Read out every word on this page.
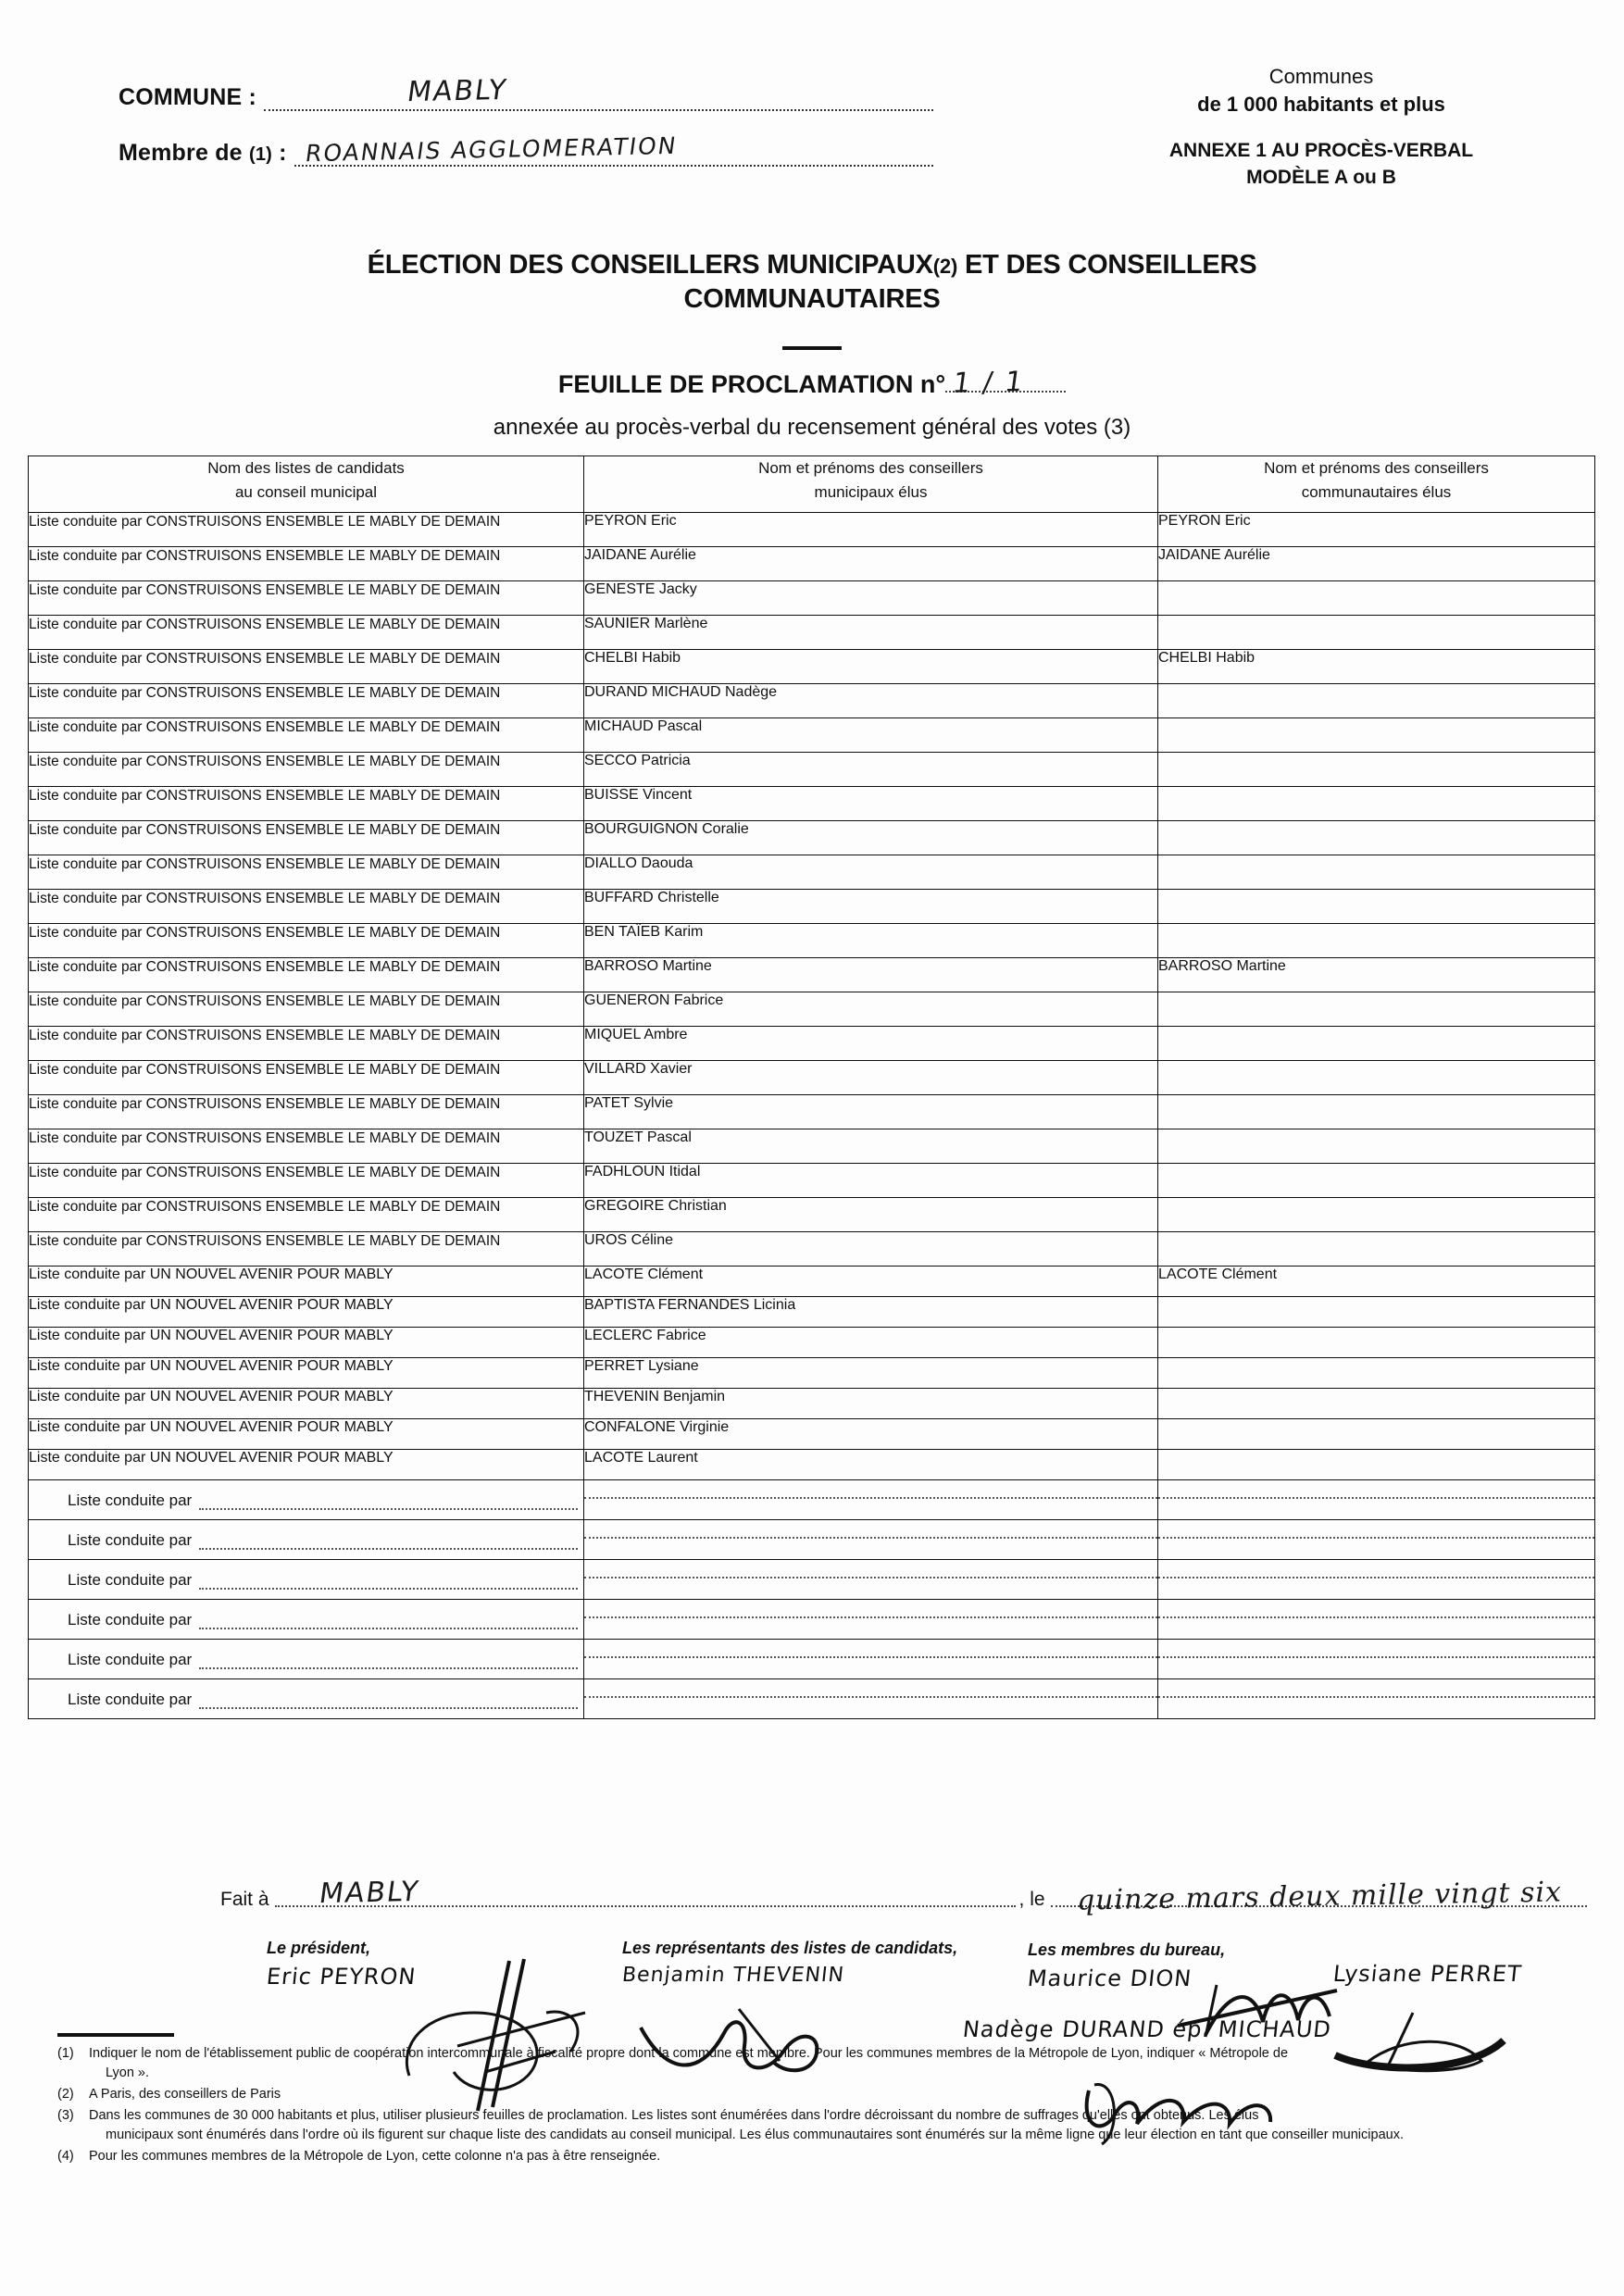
COMMUNE :	MABLY
Membre de (1) : ROANNAIS AGGLOMERATION
Communes
de 1 000 habitants et plus
ANNEXE 1 AU PROCÈS-VERBAL
MODÈLE A ou B
ÉLECTION DES CONSEILLERS MUNICIPAUX(2) ET DES CONSEILLERS
COMMUNAUTAIRES
FEUILLE DE PROCLAMATION n° 1 / 1
annexée au procès-verbal du recensement général des votes (3)
Nom des listes de candidats
au conseil municipal

Nom et prénoms des conseillers
municipaux élus

Nom et prénoms des conseillers
communautaires élus

Liste conduite par CONSTRUISONS ENSEMBLE LE MABLY DE DEMAIN	PEYRON Eric	PEYRON Eric
Liste conduite par CONSTRUISONS ENSEMBLE LE MABLY DE DEMAIN	JAIDANE Aurélie	JAIDANE Aurélie
Liste conduite par CONSTRUISONS ENSEMBLE LE MABLY DE DEMAIN	GENESTE Jacky	
Liste conduite par CONSTRUISONS ENSEMBLE LE MABLY DE DEMAIN	SAUNIER Marlène	
Liste conduite par CONSTRUISONS ENSEMBLE LE MABLY DE DEMAIN	CHELBI Habib	CHELBI Habib
Liste conduite par CONSTRUISONS ENSEMBLE LE MABLY DE DEMAIN	DURAND MICHAUD Nadège	
Liste conduite par CONSTRUISONS ENSEMBLE LE MABLY DE DEMAIN	MICHAUD Pascal	
Liste conduite par CONSTRUISONS ENSEMBLE LE MABLY DE DEMAIN	SECCO Patricia	
Liste conduite par CONSTRUISONS ENSEMBLE LE MABLY DE DEMAIN	BUISSE Vincent	
Liste conduite par CONSTRUISONS ENSEMBLE LE MABLY DE DEMAIN	BOURGUIGNON Coralie	
Liste conduite par CONSTRUISONS ENSEMBLE LE MABLY DE DEMAIN	DIALLO Daouda	
Liste conduite par CONSTRUISONS ENSEMBLE LE MABLY DE DEMAIN	BUFFARD Christelle	
Liste conduite par CONSTRUISONS ENSEMBLE LE MABLY DE DEMAIN	BEN TAÏEB Karim	
Liste conduite par CONSTRUISONS ENSEMBLE LE MABLY DE DEMAIN	BARROSO Martine	BARROSO Martine
Liste conduite par CONSTRUISONS ENSEMBLE LE MABLY DE DEMAIN	GUENERON Fabrice	
Liste conduite par CONSTRUISONS ENSEMBLE LE MABLY DE DEMAIN	MIQUEL Ambre	
Liste conduite par CONSTRUISONS ENSEMBLE LE MABLY DE DEMAIN	VILLARD Xavier	
Liste conduite par CONSTRUISONS ENSEMBLE LE MABLY DE DEMAIN	PATET Sylvie	
Liste conduite par CONSTRUISONS ENSEMBLE LE MABLY DE DEMAIN	TOUZET Pascal	
Liste conduite par CONSTRUISONS ENSEMBLE LE MABLY DE DEMAIN	FADHLOUN Itidal	
Liste conduite par CONSTRUISONS ENSEMBLE LE MABLY DE DEMAIN	GREGOIRE Christian	
Liste conduite par CONSTRUISONS ENSEMBLE LE MABLY DE DEMAIN	UROS Céline	
Liste conduite par UN NOUVEL AVENIR POUR MABLY	LACOTE Clément	LACOTE Clément
Liste conduite par UN NOUVEL AVENIR POUR MABLY	BAPTISTA FERNANDES Licinia	
Liste conduite par UN NOUVEL AVENIR POUR MABLY	LECLERC Fabrice	
Liste conduite par UN NOUVEL AVENIR POUR MABLY	PERRET Lysiane	
Liste conduite par UN NOUVEL AVENIR POUR MABLY	THEVENIN Benjamin	
Liste conduite par UN NOUVEL AVENIR POUR MABLY	CONFALONE Virginie	
Liste conduite par UN NOUVEL AVENIR POUR MABLY	LACOTE Laurent	

Liste conduite par		

Liste conduite par		

Liste conduite par		

Liste conduite par		

Liste conduite par		

Liste conduite par		

Fait à MABLY	, le quinze mars deux mille vingt six
Le président,
Eric PEYRON
Les représentants des listes de candidats,
Benjamin THEVENIN
Les membres du bureau,
Maurice DION	Lysiane PERRET
Nadège DURAND ép. MICHAUD
(1)	Indiquer le nom de l'établissement public de coopération intercommunale à fiscalité propre dont la commune est membre. Pour les communes membres de la Métropole de Lyon, indiquer « Métropole de
Lyon ».
(2)	A Paris, des conseillers de Paris
(3)	Dans les communes de 30 000 habitants et plus, utiliser plusieurs feuilles de proclamation. Les listes sont énumérées dans l'ordre décroissant du nombre de suffrages qu'elles ont obtenus. Les élus
municipaux sont énumérés dans l'ordre où ils figurent sur chaque liste des candidats au conseil municipal. Les élus communautaires sont énumérés sur la même ligne que leur élection en tant que conseiller municipaux.
(4)	Pour les communes membres de la Métropole de Lyon, cette colonne n'a pas à être renseignée.
